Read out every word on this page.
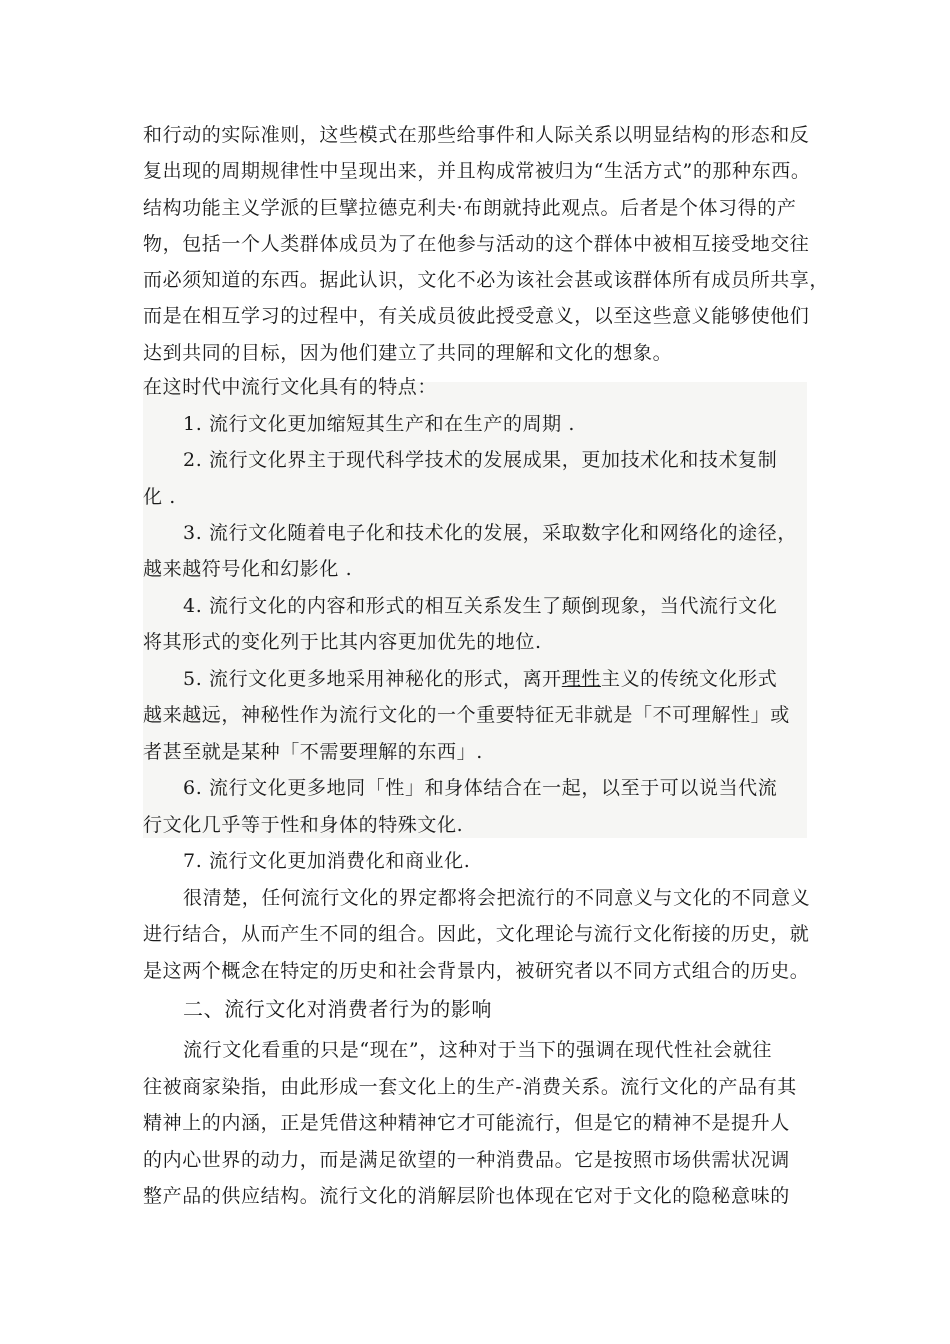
和行动的实际准则，这些模式在那些给事件和人际关系以明显结构的形态和反
复出现的周期规律性中呈现出来，并且构成常被归为“生活方式”的那种东西。
结构功能主义学派的巨擘拉德克利夫·布朗就持此观点。后者是个体习得的产
物，包括一个人类群体成员为了在他参与活动的这个群体中被相互接受地交往
而必须知道的东西。据此认识，文化不必为该社会甚或该群体所有成员所共享，
而是在相互学习的过程中，有关成员彼此授受意义，以至这些意义能够使他们
达到共同的目标，因为他们建立了共同的理解和文化的想象。
在这时代中流行文化具有的特点：
1. 流行文化更加缩短其生产和在生产的周期 .
2. 流行文化界主于现代科学技术的发展成果，更加技术化和技术复制
化 .
3. 流行文化随着电子化和技术化的发展，采取数字化和网络化的途径，
越来越符号化和幻影化 .
4. 流行文化的内容和形式的相互关系发生了颠倒现象，当代流行文化
将其形式的变化列于比其内容更加优先的地位.
5. 流行文化更多地采用神秘化的形式，离开理性主义的传统文化形式
越来越远，神秘性作为流行文化的一个重要特征无非就是「不可理解性」或
者甚至就是某种「不需要理解的东西」.
6. 流行文化更多地同「性」和身体结合在一起，以至于可以说当代流
行文化几乎等于性和身体的特殊文化.
7. 流行文化更加消费化和商业化.
很清楚，任何流行文化的界定都将会把流行的不同意义与文化的不同意义
进行结合，从而产生不同的组合。因此，文化理论与流行文化衔接的历史，就
是这两个概念在特定的历史和社会背景内，被研究者以不同方式组合的历史。
二、流行文化对消费者行为的影响
流行文化看重的只是“现在”，这种对于当下的强调在现代性社会就往
往被商家染指，由此形成一套文化上的生产-消费关系。流行文化的产品有其
精神上的内涵，正是凭借这种精神它才可能流行，但是它的精神不是提升人
的内心世界的动力，而是满足欲望的一种消费品。它是按照市场供需状况调
整产品的供应结构。流行文化的消解层阶也体现在它对于文化的隐秘意味的
